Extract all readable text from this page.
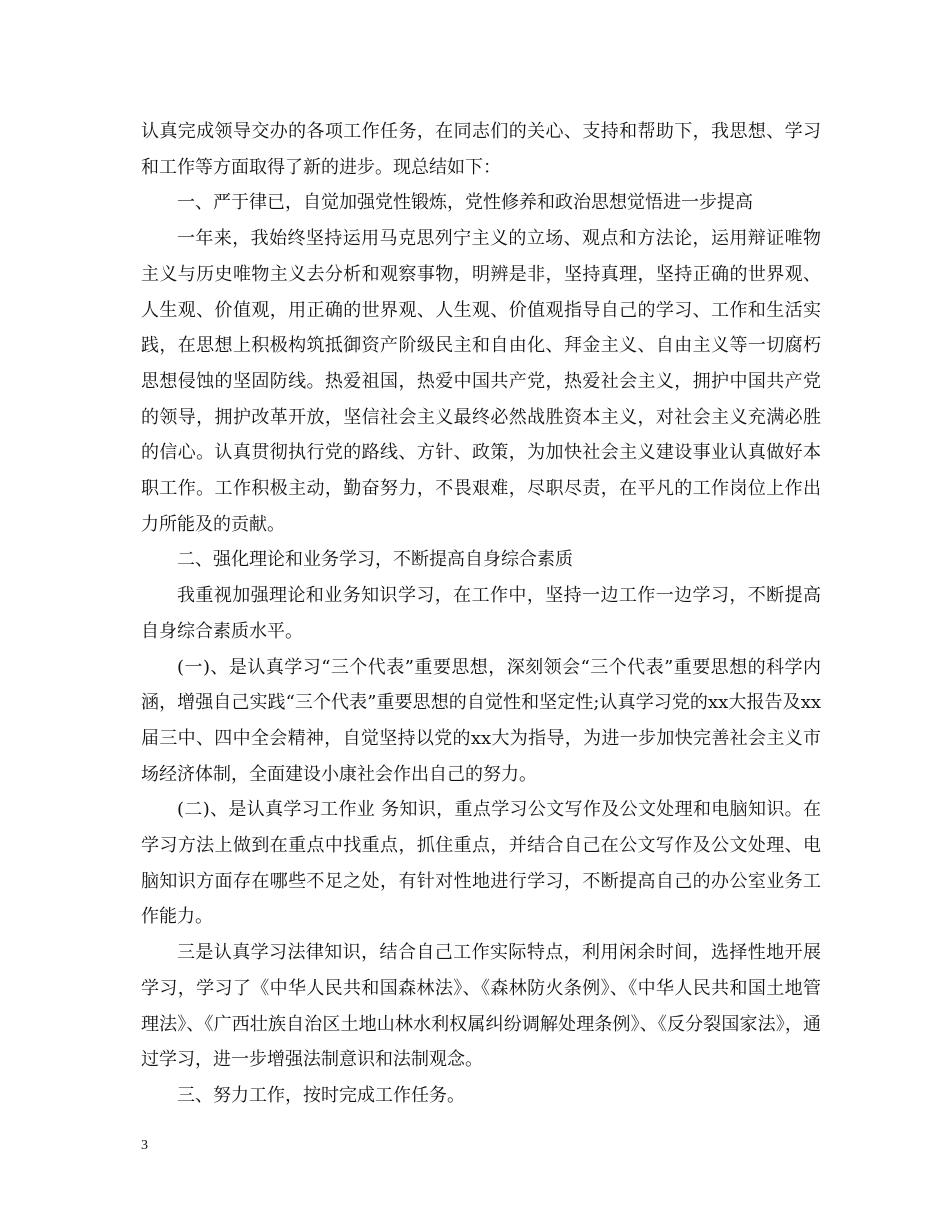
认真完成领导交办的各项工作任务，在同志们的关心、支持和帮助下，我思想、学习和工作等方面取得了新的进步。现总结如下：

一、严于律已，自觉加强党性锻炼，党性修养和政治思想觉悟进一步提高

一年来，我始终坚持运用马克思列宁主义的立场、观点和方法论，运用辩证唯物主义与历史唯物主义去分析和观察事物，明辨是非，坚持真理，坚持正确的世界观、人生观、价值观，用正确的世界观、人生观、价值观指导自己的学习、工作和生活实践，在思想上积极构筑抵御资产阶级民主和自由化、拜金主义、自由主义等一切腐朽思想侵蚀的坚固防线。热爱祖国，热爱中国共产党，热爱社会主义，拥护中国共产党的领导，拥护改革开放，坚信社会主义最终必然战胜资本主义，对社会主义充满必胜的信心。认真贯彻执行党的路线、方针、政策，为加快社会主义建设事业认真做好本职工作。工作积极主动，勤奋努力，不畏艰难，尽职尽责，在平凡的工作岗位上作出力所能及的贡献。

二、强化理论和业务学习，不断提高自身综合素质

我重视加强理论和业务知识学习，在工作中，坚持一边工作一边学习，不断提高自身综合素质水平。

(一)、是认真学习“三个代表”重要思想，深刻领会“三个代表”重要思想的科学内涵，增强自己实践“三个代表”重要思想的自觉性和坚定性;认真学习党的xx大报告及xx届三中、四中全会精神，自觉坚持以党的xx大为指导，为进一步加快完善社会主义市场经济体制，全面建设小康社会作出自己的努力。

(二)、是认真学习工作业 务知识，重点学习公文写作及公文处理和电脑知识。在学习方法上做到在重点中找重点，抓住重点，并结合自己在公文写作及公文处理、电脑知识方面存在哪些不足之处，有针对性地进行学习，不断提高自己的办公室业务工作能力。

三是认真学习法律知识，结合自己工作实际特点，利用闲余时间，选择性地开展学习，学习了《中华人民共和国森林法》、《森林防火条例》、《中华人民共和国土地管理法》、《广西壮族自治区土地山林水利权属纠纷调解处理条例》、《反分裂国家法》，通过学习，进一步增强法制意识和法制观念。

三、努力工作，按时完成工作任务。

3
